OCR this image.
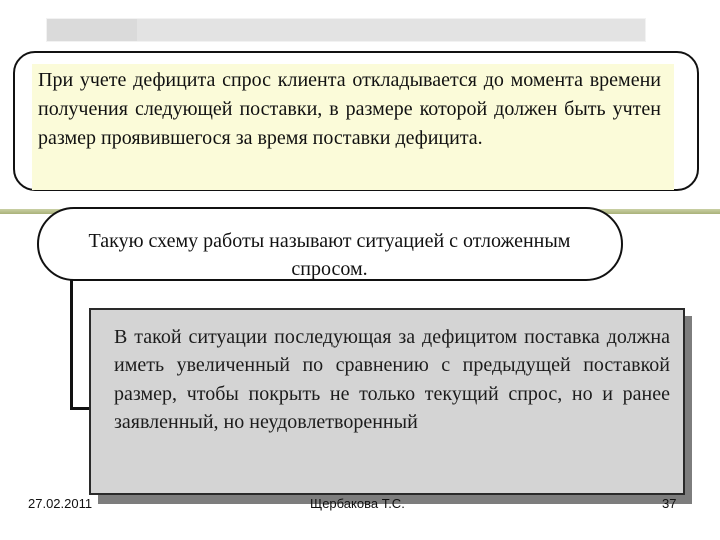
При учете дефицита спрос клиента откладывается до момента времени получения следующей поставки, в размере которой должен быть учтен размер проявившегося за время поставки дефицита.
Такую схему работы называют ситуацией с отложенным спросом.
В такой ситуации последующая за дефицитом поставка должна иметь увеличенный по сравнению с предыдущей поставкой размер, чтобы покрыть не только текущий спрос, но и ранее заявленный, но неудовлетворенный
27.02.2011	Щербакова Т.С.	37
